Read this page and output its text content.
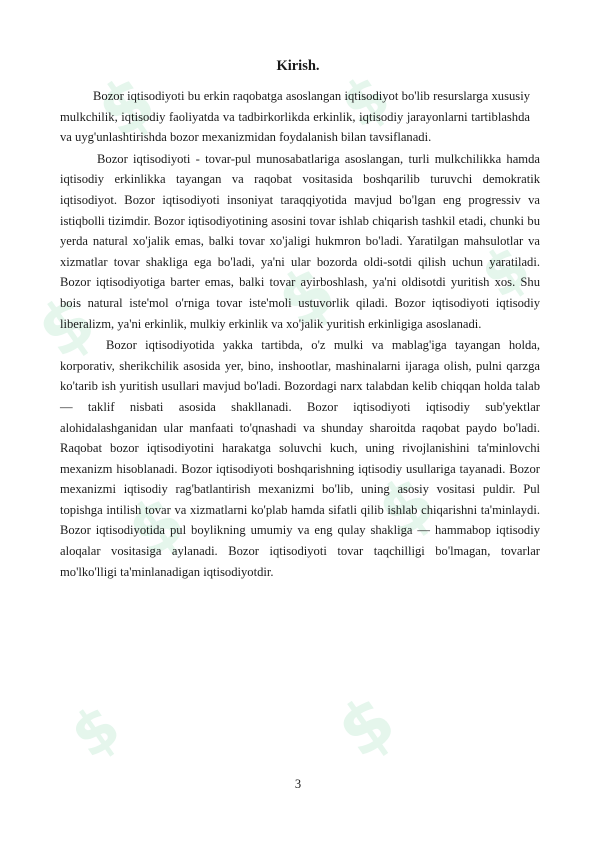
$	$
$ $ $
$ $
$	$
Kirish.

Bozor iqtisodiyoti bu erkin raqobatga asoslangan iqtisodiyot bo'lib resurslarga xususiy mulkchilik, iqtisodiy faoliyatda va tadbirkorlikda erkinlik, iqtisodiy jarayonlarni tartiblashda va uyg'unlashtirishda bozor mexanizmidan foydalanish bilan tavsiflanadi.

Bozor iqtisodiyoti - tovar-pul munosabatlariga asoslangan, turli mulkchilikka hamda iqtisodiy erkinlikka tayangan va raqobat vositasida boshqarilib turuvchi demokratik iqtisodiyot. Bozor iqtisodiyoti insoniyat taraqqiyotida mavjud bo'lgan eng progressiv va istiqbolli tizimdir. Bozor iqtisodiyotining asosini tovar ishlab chiqarish tashkil etadi, chunki bu yerda natural xo'jalik emas, balki tovar xo'jaligi hukmron bo'ladi. Yaratilgan mahsulotlar va xizmatlar tovar shakliga ega bo'ladi, ya'ni ular bozorda oldi-sotdi qilish uchun yaratiladi. Bozor iqtisodiyotiga barter emas, balki tovar ayirboshlash, ya'ni oldisotdi yuritish xos. Shu bois natural iste'mol o'rniga tovar iste'moli ustuvorlik qiladi. Bozor iqtisodiyoti iqtisodiy liberalizm, ya'ni erkinlik, mulkiy erkinlik va xo'jalik yuritish erkinligiga asoslanadi.

Bozor iqtisodiyotida yakka tartibda, o'z mulki va mablag'iga tayangan holda, korporativ, sherikchilik asosida yer, bino, inshootlar, mashinalarni ijaraga olish, pulni qarzga ko'tarib ish yuritish usullari mavjud bo'ladi. Bozordagi narx talabdan kelib chiqqan holda talab — taklif nisbati asosida shakllanadi. Bozor iqtisodiyoti iqtisodiy sub'yektlar alohidalashganidan ular manfaati to'qnashadi va shunday sharoitda raqobat paydo bo'ladi. Raqobat bozor iqtisodiyotini harakatga soluvchi kuch, uning rivojlanishini ta'minlovchi mexanizm hisoblanadi. Bozor iqtisodiyoti boshqarishning iqtisodiy usullariga tayanadi. Bozor mexanizmi iqtisodiy rag'batlantirish mexanizmi bo'lib, uning asosiy vositasi puldir. Pul topishga intilish tovar va xizmatlarni ko'plab hamda sifatli qilib ishlab chiqarishni ta'minlaydi. Bozor iqtisodiyotida pul boylikning umumiy va eng qulay shakliga — hammabop iqtisodiy aloqalar vositasiga aylanadi. Bozor iqtisodiyoti tovar taqchilligi bo'lmagan, tovarlar mo'lko'lligi ta'minlanadigan iqtisodiyotdir.

3
